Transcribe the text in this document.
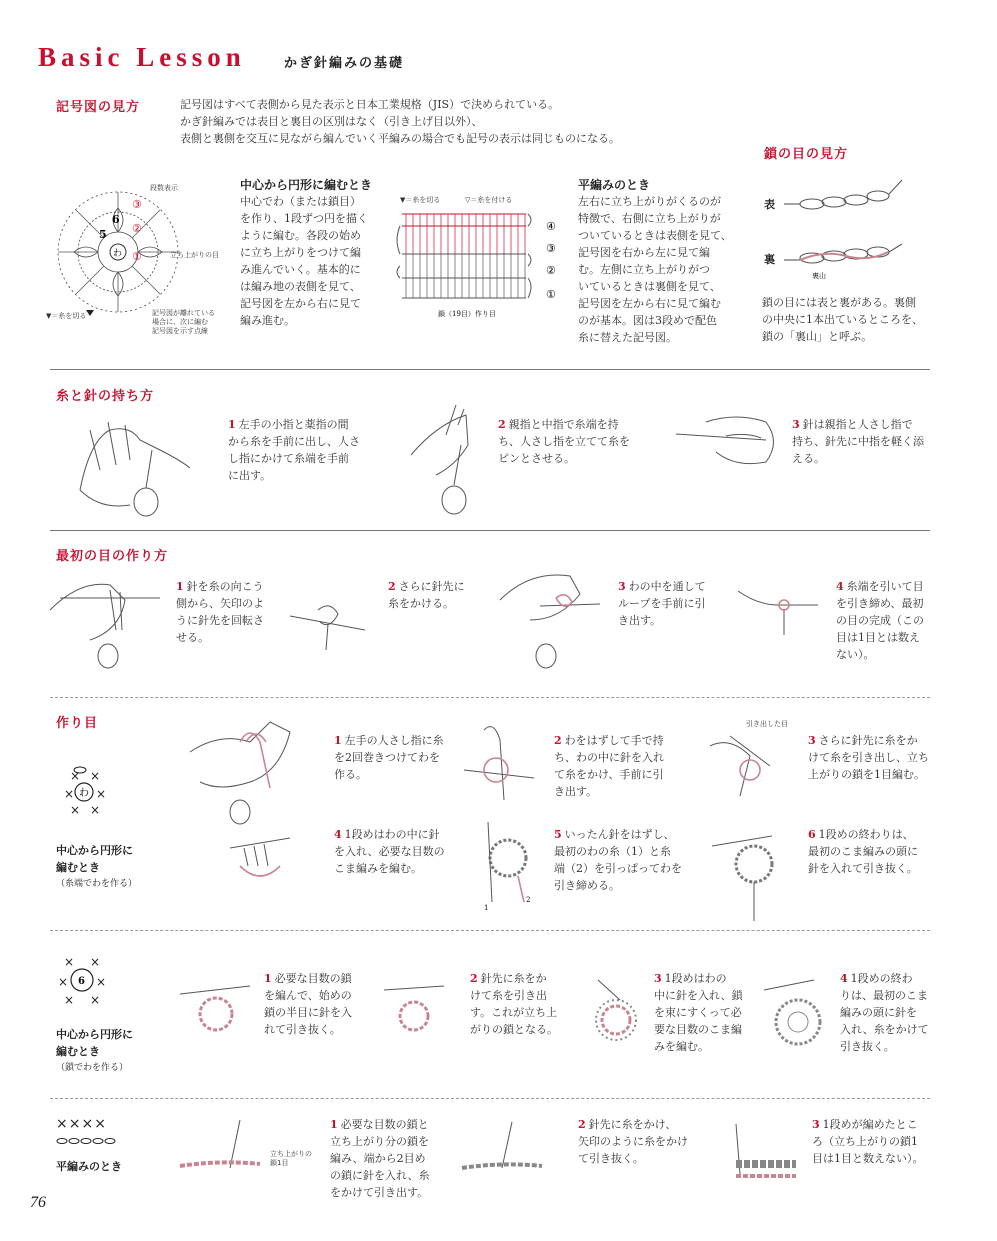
Basic Lesson	かぎ針編みの基礎
記号図の見方	記号図はすべて表側から見た表示と日本工業規格（JIS）で決められている。
かぎ針編みでは表目と裏目の区別はなく（引き上げ目以外）、
表側と裏側を交互に見ながら編んでいく平編みの場合でも記号の表示は同じものになる。
わ
5
6
③
②
①
段数表示
立ち上がりの目
▼＝糸を切る	記号図が離れている
場合に、次に編む
記号図を示す点線
中心から円形に編むとき
中心でわ（または鎖目）
を作り、1段ずつ円を描く
ように編む。各段の始め
に立ち上がりをつけて編
み進んでいく。基本的に
は編み地の表側を見て、
記号図を左から右に見て
編み進む。
▼＝糸を切る	▽＝糸を付ける
④
③
②
①
鎖（19目）作り目
平編みのとき
左右に立ち上がりがくるのが
特徴で、右側に立ち上がりが
ついているときは表側を見て、
記号図を右から左に見て編
む。左側に立ち上がりがつ
いているときは裏側を見て、
記号図を左から右に見て編む
のが基本。図は3段めで配色
糸に替えた記号図。
鎖の目の見方
表
裏
裏山
鎖の目には表と裏がある。裏側
の中央に1本出ているところを、
鎖の「裏山」と呼ぶ。
糸と針の持ち方
1 左手の小指と薬指の間
から糸を手前に出し、人さ
し指にかけて糸端を手前
に出す。
2 親指と中指で糸端を持
ち、人さし指を立てて糸を
ピンとさせる。
3 針は親指と人さし指で
持ち、針先に中指を軽く添
える。
最初の目の作り方
1 針を糸の向こう
側から、矢印のよ
うに針先を回転さ
せる。
2 さらに針先に
糸をかける。
3 わの中を通して
ループを手前に引
き出す。
4 糸端を引いて目
を引き締め、最初
の目の完成（この
目は1目とは数え
ない）。
作り目
わ
× ×
× ×
× ×
中心から円形に
編むとき
（糸端でわを作る）
1 左手の人さし指に糸
を2回巻きつけてわを
作る。
2 わをはずして手で持
ち、わの中に針を入れ
て糸をかけ、手前に引
き出す。
引き出した目
3 さらに針先に糸をか
けて糸を引き出し、立ち
上がりの鎖を1目編む。
4 1段めはわの中に針
を入れ、必要な目数の
こま編みを編む。
1
2
5 いったん針をはずし、
最初のわの糸（1）と糸
端（2）を引っぱってわを
引き締める。
6 1段めの終わりは、
最初のこま編みの頭に
針を入れて引き抜く。
6
× ×
× ×
× ×
中心から円形に
編むとき
（鎖でわを作る）
1 必要な目数の鎖
を編んで、始めの
鎖の半目に針を入
れて引き抜く。
2 針先に糸をか
けて糸を引き出
す。これが立ち上
がりの鎖となる。
3 1段めはわの
中に針を入れ、鎖
を束にすくって必
要な目数のこま編
みを編む。
4 1段めの終わ
りは、最初のこま
編みの頭に針を
入れ、糸をかけて
引き抜く。
××××
平編みのとき
立ち上がりの
鎖1目
1 必要な目数の鎖と
立ち上がり分の鎖を
編み、端から2目め
の鎖に針を入れ、糸
をかけて引き出す。
2 針先に糸をかけ、
矢印のように糸をかけ
て引き抜く。
3 1段めが編めたとこ
ろ（立ち上がりの鎖1
目は1目と数えない）。
76
